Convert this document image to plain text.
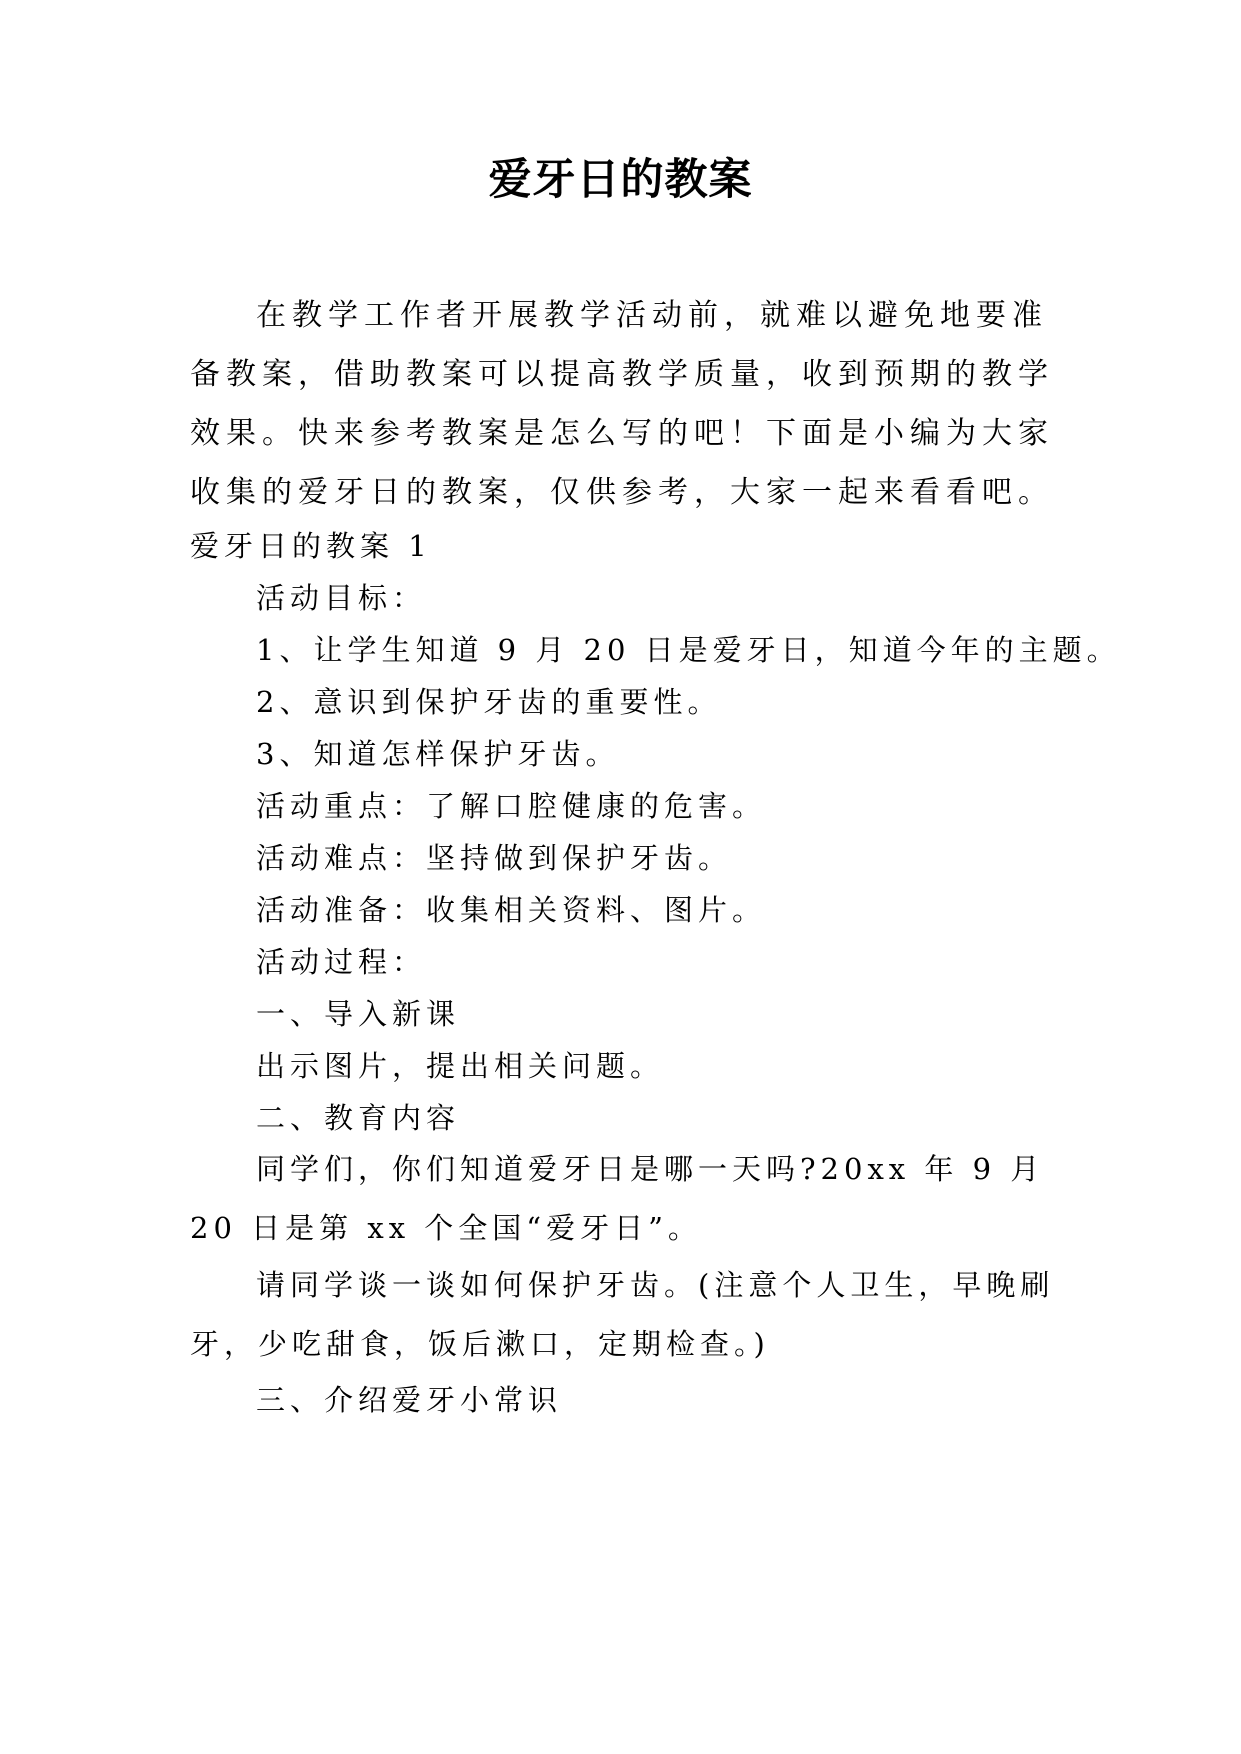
爱牙日的教案

在教学工作者开展教学活动前，就难以避免地要准备教案，借助教案可以提高教学质量，收到预期的教学效果。快来参考教案是怎么写的吧！下面是小编为大家收集的爱牙日的教案，仅供参考，大家一起来看看吧。

爱牙日的教案 1
活动目标：
1、让学生知道 9 月 20 日是爱牙日，知道今年的主题。
2、意识到保护牙齿的重要性。
3、知道怎样保护牙齿。
活动重点：了解口腔健康的危害。
活动难点：坚持做到保护牙齿。
活动准备：收集相关资料、图片。
活动过程：
一、导入新课
出示图片，提出相关问题。
二、教育内容

同学们，你们知道爱牙日是哪一天吗?20xx 年 9 月 20 日是第 xx 个全国“爱牙日”。

请同学谈一谈如何保护牙齿。(注意个人卫生，早晚刷牙，少吃甜食，饭后漱口，定期检查。)

三、介绍爱牙小常识
